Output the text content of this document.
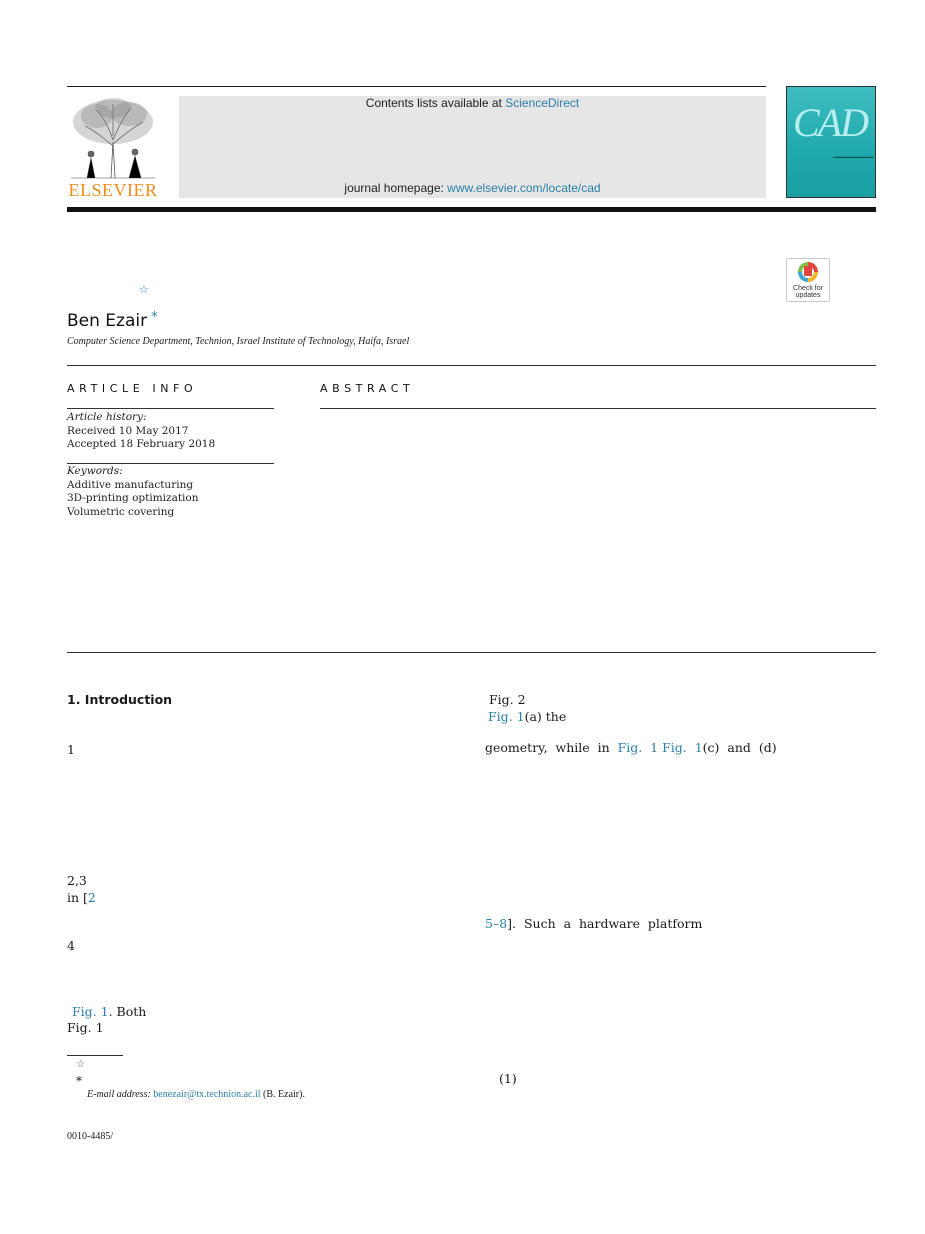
ELSEVIER
Contents lists available at ScienceDirect
journal homepage: www.elsevier.com/locate/cad
CAD
▬▬▬▬▬▬▬▬▬▬
☆	Check for updates
Ben Ezair *
Computer Science Department, Technion, Israel Institute of Technology, Haifa, Israel
ARTICLE INFO	ABSTRACT
Article history:
Received 10 May 2017
Accepted 18 February 2018
Keywords:
Additive manufacturing
3D-printing optimization
Volumetric covering
1. Introduction
1
2,3
in [2
4
Fig. 1. Both
Fig. 1
Fig. 2
Fig. 1(a) the
geometry,  while  in  Fig.  1 Fig.  1(c)  and  (d)
5–8].  Such  a  hardware  platform
(1)
☆
*
E-mail address: benezair@tx.technion.ac.il (B. Ezair).
0010-4485/
